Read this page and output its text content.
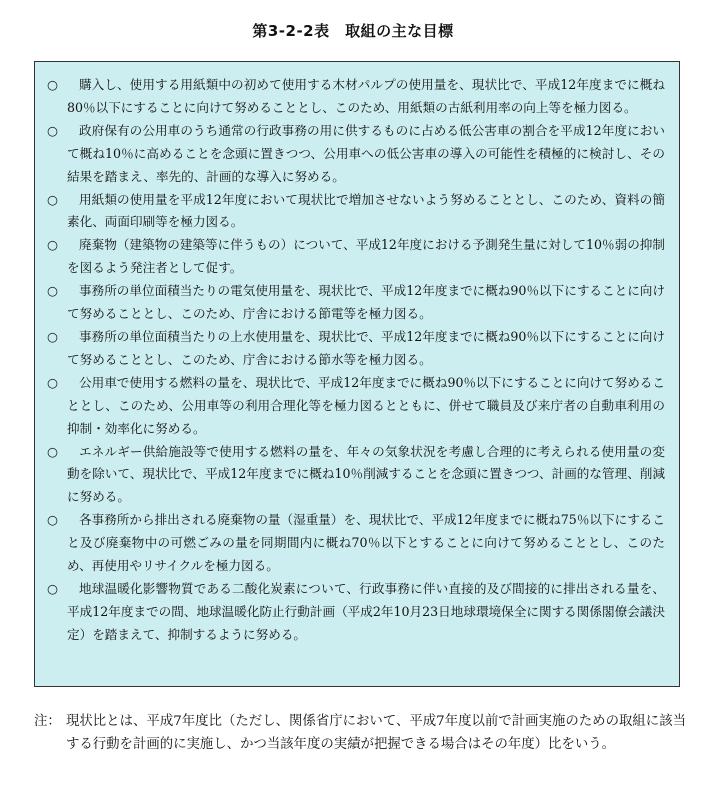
第3-2-2表　取組の主な目標
○	購入し、使用する用紙類中の初めて使用する木材パルプの使用量を、現状比で、平成12年度までに概ね80％以下にすることに向けて努めることとし、このため、用紙類の古紙利用率の向上等を極力図る。
○	政府保有の公用車のうち通常の行政事務の用に供するものに占める低公害車の割合を平成12年度において概ね10％に高めることを念頭に置きつつ、公用車への低公害車の導入の可能性を積極的に検討し、その結果を踏まえ、率先的、計画的な導入に努める。
○	用紙類の使用量を平成12年度において現状比で増加させないよう努めることとし、このため、資料の簡素化、両面印刷等を極力図る。
○	廃棄物（建築物の建築等に伴うもの）について、平成12年度における予測発生量に対して10％弱の抑制を図るよう発注者として促す。
○	事務所の単位面積当たりの電気使用量を、現状比で、平成12年度までに概ね90％以下にすることに向けて努めることとし、このため、庁舎における節電等を極力図る。
○	事務所の単位面積当たりの上水使用量を、現状比で、平成12年度までに概ね90％以下にすることに向けて努めることとし、このため、庁舎における節水等を極力図る。
○	公用車で使用する燃料の量を、現状比で、平成12年度までに概ね90％以下にすることに向けて努めることとし、このため、公用車等の利用合理化等を極力図るとともに、併せて職員及び来庁者の自動車利用の抑制・効率化に努める。
○	エネルギー供給施設等で使用する燃料の量を、年々の気象状況を考慮し合理的に考えられる使用量の変動を除いて、現状比で、平成12年度までに概ね10％削減することを念頭に置きつつ、計画的な管理、削減に努める。
○	各事務所から排出される廃棄物の量（湿重量）を、現状比で、平成12年度までに概ね75％以下にすること及び廃棄物中の可燃ごみの量を同期間内に概ね70％以下とすることに向けて努めることとし、このため、再使用やリサイクルを極力図る。
○	地球温暖化影響物質である二酸化炭素について、行政事務に伴い直接的及び間接的に排出される量を、平成12年度までの間、地球温暖化防止行動計画（平成2年10月23日地球環境保全に関する関係閣僚会議決定）を踏まえて、抑制するように努める。
注： 現状比とは、平成7年度比（ただし、関係省庁において、平成7年度以前で計画実施のための取組に該当する行動を計画的に実施し、かつ当該年度の実績が把握できる場合はその年度）比をいう。
